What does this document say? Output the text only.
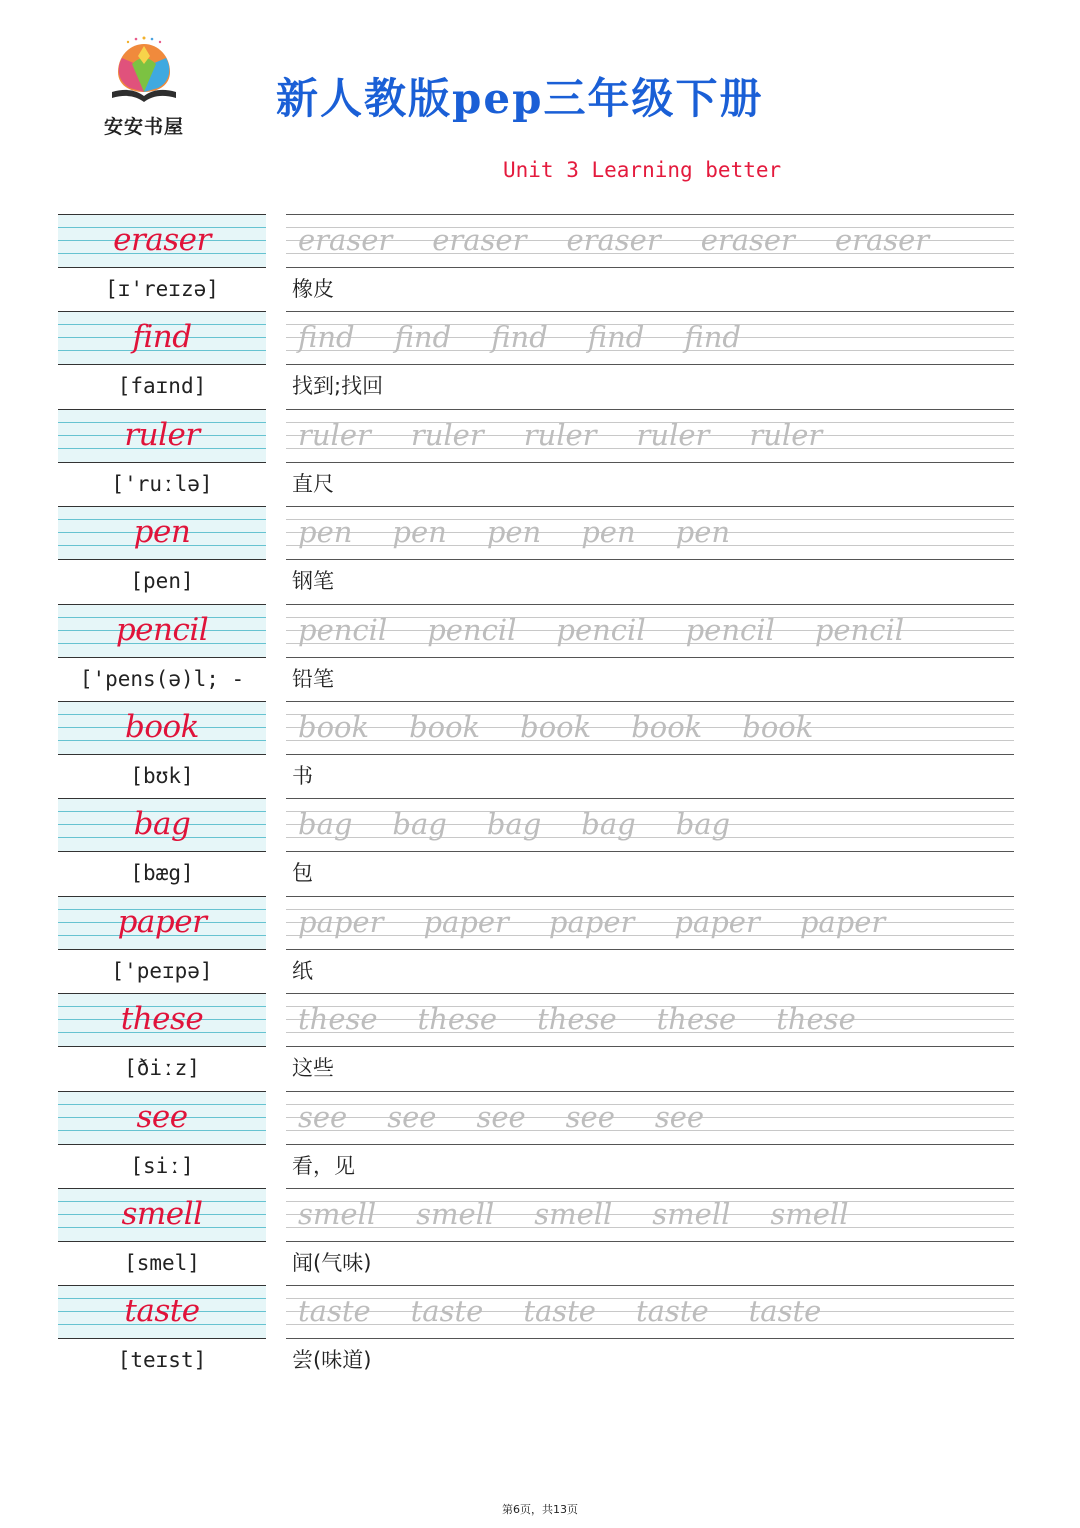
安安书屋
新人教版pep三年级下册
Unit 3 Learning better
eraser	eraser eraser eraser eraser eraser
[ɪ'reɪzə]	橡皮
find	find find find find find
[faɪnd]	找到;找回
ruler	ruler ruler ruler ruler ruler
['ruːlə]	直尺
pen	pen pen pen pen pen
[pen]	钢笔
pencil	pencil pencil pencil pencil pencil
['pens(ə)l; -	铅笔
book	book book book book book
[bʊk]	书
bag	bag bag bag bag bag
[bæg]	包
paper	paper paper paper paper paper
['peɪpə]	纸
these	these these these these these
[ðiːz]	这些
see	see see see see see
[siː]	看，见
smell	smell smell smell smell smell
[smel]	闻(气味)
taste	taste taste taste taste taste
[teɪst]	尝(味道)
第6页，共13页
